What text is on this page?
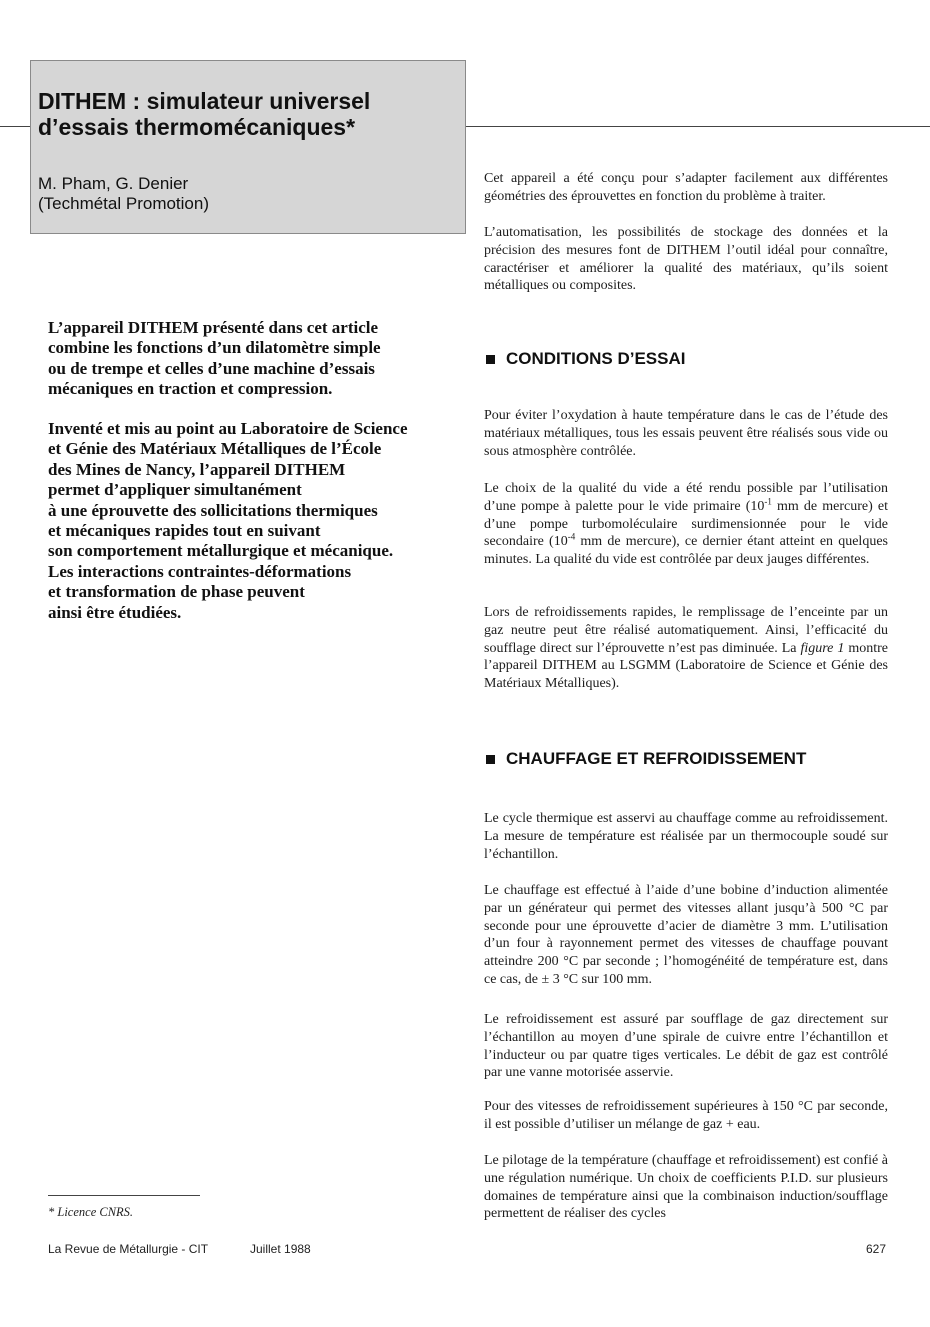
DITHEM : simulateur universel
d’essais thermomécaniques*
M. Pham, G. Denier
(Techmétal Promotion)
L’appareil DITHEM présenté dans cet article
combine les fonctions d’un dilatomètre simple
ou de trempe et celles d’une machine d’essais
mécaniques en traction et compression.
Inventé et mis au point au Laboratoire de Science
et Génie des Matériaux Métalliques de l’École
des Mines de Nancy, l’appareil DITHEM
permet d’appliquer simultanément
à une éprouvette des sollicitations thermiques
et mécaniques rapides tout en suivant
son comportement métallurgique et mécanique.
Les interactions contraintes-déformations
et transformation de phase peuvent
ainsi être étudiées.

Cet appareil a été conçu pour s’adapter facilement aux différentes géométries des éprouvettes en fonction du problème à traiter.

L’automatisation, les possibilités de stockage des données et la précision des mesures font de DITHEM l’outil idéal pour connaître, caractériser et améliorer la qualité des matériaux, qu’ils soient métalliques ou composites.

CONDITIONS D’ESSAI

Pour éviter l’oxydation à haute température dans le cas de l’étude des matériaux métalliques, tous les essais peuvent être réalisés sous vide ou sous atmosphère contrôlée.

Le choix de la qualité du vide a été rendu possible par l’utilisation d’une pompe à palette pour le vide primaire ($10^{-1}$ mm de mercure) et d’une pompe turbomoléculaire surdimensionnée pour le vide secondaire ($10^{-4}$ mm de mercure), ce dernier étant atteint en quelques minutes. La qualité du vide est contrôlée par deux jauges différentes.

Lors de refroidissements rapides, le remplissage de l’enceinte par un gaz neutre peut être réalisé automatiquement. Ainsi, l’efficacité du soufflage direct sur l’éprouvette n’est pas diminuée. La figure 1 montre l’appareil DITHEM au LSGMM (Laboratoire de Science et Génie des Matériaux Métalliques).

CHAUFFAGE ET REFROIDISSEMENT

Le cycle thermique est asservi au chauffage comme au refroidissement. La mesure de température est réalisée par un thermocouple soudé sur l’échantillon.

Le chauffage est effectué à l’aide d’une bobine d’induction alimentée par un générateur qui permet des vitesses allant jusqu’à 500 °C par seconde pour une éprouvette d’acier de diamètre 3 mm. L’utilisation d’un four à rayonnement permet des vitesses de chauffage pouvant atteindre 200 °C par seconde ; l’homogénéité de température est, dans ce cas, de ± 3 °C sur 100 mm.

Le refroidissement est assuré par soufflage de gaz directement sur l’échantillon au moyen d’une spirale de cuivre entre l’échantillon et l’inducteur ou par quatre tiges verticales. Le débit de gaz est contrôlé par une vanne motorisée asservie.

Pour des vitesses de refroidissement supérieures à 150 °C par seconde, il est possible d’utiliser un mélange de gaz + eau.

Le pilotage de la température (chauffage et refroidissement) est confié à une régulation numérique. Un choix de coefficients P.I.D. sur plusieurs domaines de température ainsi que la combinaison induction/soufflage permettent de réaliser des cycles

* Licence CNRS.
La Revue de Métallurgie - CIT	Juillet 1988	627
